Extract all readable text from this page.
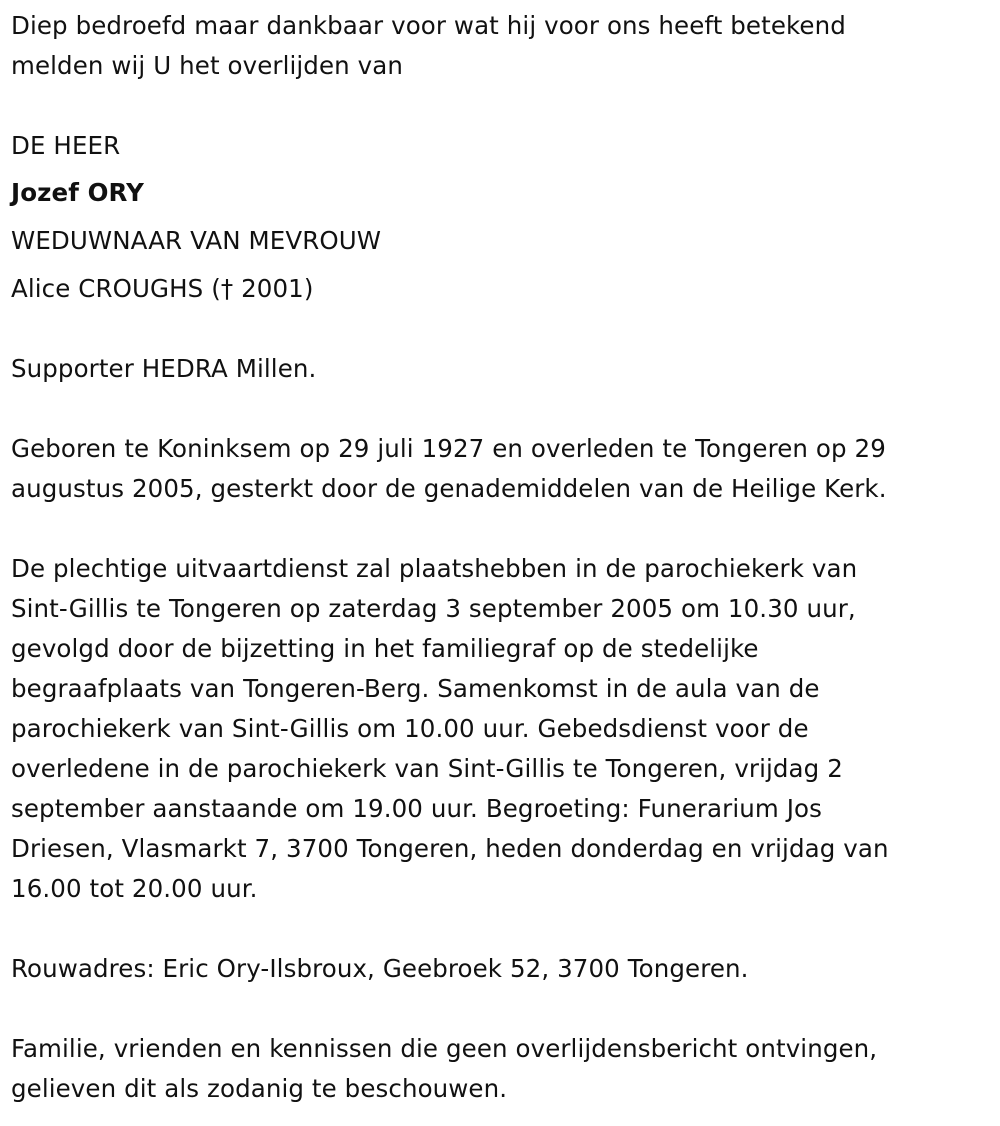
Diep bedroefd maar dankbaar voor wat hij voor ons heeft betekend
melden wij U het overlijden van
DE HEER
Jozef ORY
WEDUWNAAR VAN MEVROUW
Alice CROUGHS († 2001)
Supporter HEDRA Millen.
Geboren te Koninksem op 29 juli 1927 en overleden te Tongeren op 29
augustus 2005, gesterkt door de genademiddelen van de Heilige Kerk.
De plechtige uitvaartdienst zal plaatshebben in de parochiekerk van
Sint-Gillis te Tongeren op zaterdag 3 september 2005 om 10.30 uur,
gevolgd door de bijzetting in het familiegraf op de stedelijke
begraafplaats van Tongeren-Berg. Samenkomst in de aula van de
parochiekerk van Sint-Gillis om 10.00 uur. Gebedsdienst voor de
overledene in de parochiekerk van Sint-Gillis te Tongeren, vrijdag 2
september aanstaande om 19.00 uur. Begroeting: Funerarium Jos
Driesen, Vlasmarkt 7, 3700 Tongeren, heden donderdag en vrijdag van
16.00 tot 20.00 uur.
Rouwadres: Eric Ory-Ilsbroux, Geebroek 52, 3700 Tongeren.
Familie, vrienden en kennissen die geen overlijdensbericht ontvingen,
gelieven dit als zodanig te beschouwen.
